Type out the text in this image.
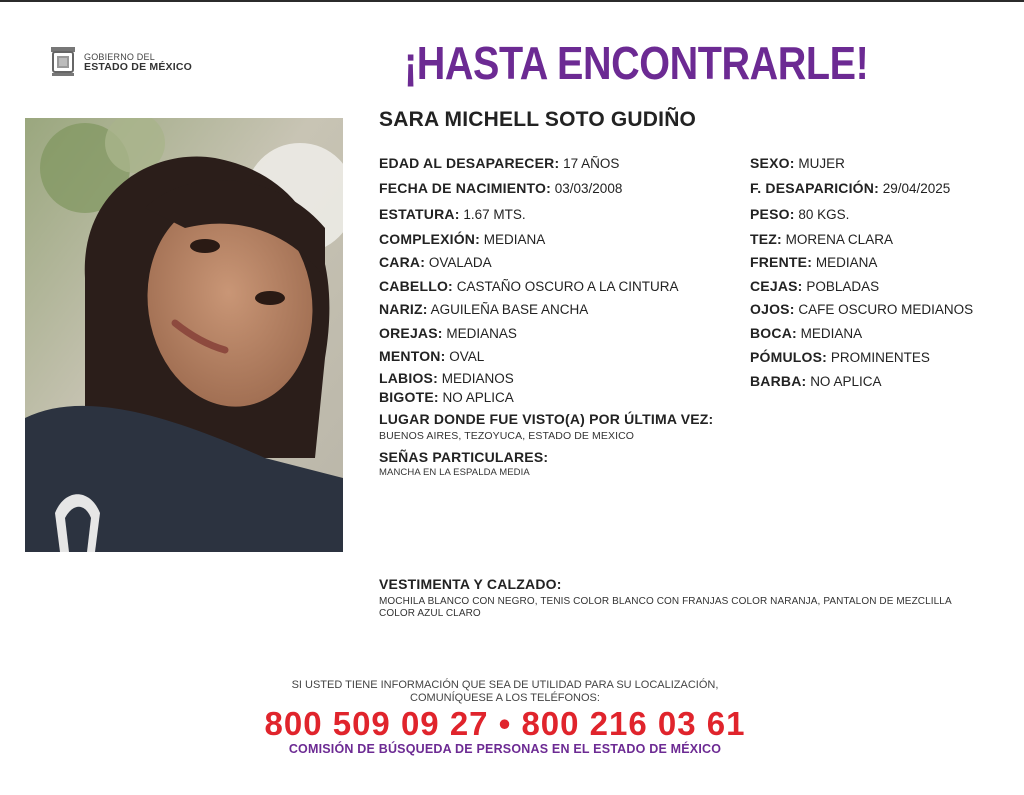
GOBIERNO DEL
ESTADO DE MÉXICO	¡HASTA ENCONTRARLE!
SARA MICHELL SOTO GUDIÑO
EDAD AL DESAPARECER: 17 AÑOS
FECHA DE NACIMIENTO: 03/03/2008
ESTATURA: 1.67 MTS.
COMPLEXIÓN: MEDIANA
CARA: OVALADA
CABELLO: CASTAÑO OSCURO A LA CINTURA
NARIZ: AGUILEÑA BASE ANCHA
OREJAS: MEDIANAS
MENTON: OVAL
LABIOS: MEDIANOS
BIGOTE: NO APLICA
SEXO: MUJER
F. DESAPARICIÓN: 29/04/2025
PESO: 80 KGS.
TEZ: MORENA CLARA
FRENTE: MEDIANA
CEJAS: POBLADAS
OJOS: CAFE OSCURO MEDIANOS
BOCA: MEDIANA
PÓMULOS: PROMINENTES
BARBA: NO APLICA
LUGAR DONDE FUE VISTO(A) POR ÚLTIMA VEZ:
BUENOS AIRES, TEZOYUCA, ESTADO DE MEXICO
SEÑAS PARTICULARES:
MANCHA EN LA ESPALDA MEDIA
VESTIMENTA Y CALZADO:
MOCHILA BLANCO CON NEGRO, TENIS COLOR BLANCO CON FRANJAS COLOR NARANJA, PANTALON DE MEZCLILLA
COLOR AZUL CLARO
SI USTED TIENE INFORMACIÓN QUE SEA DE UTILIDAD PARA SU LOCALIZACIÓN,
COMUNÍQUESE A LOS TELÉFONOS:
800 509 09 27 • 800 216 03 61
COMISIÓN DE BÚSQUEDA DE PERSONAS EN EL ESTADO DE MÉXICO
